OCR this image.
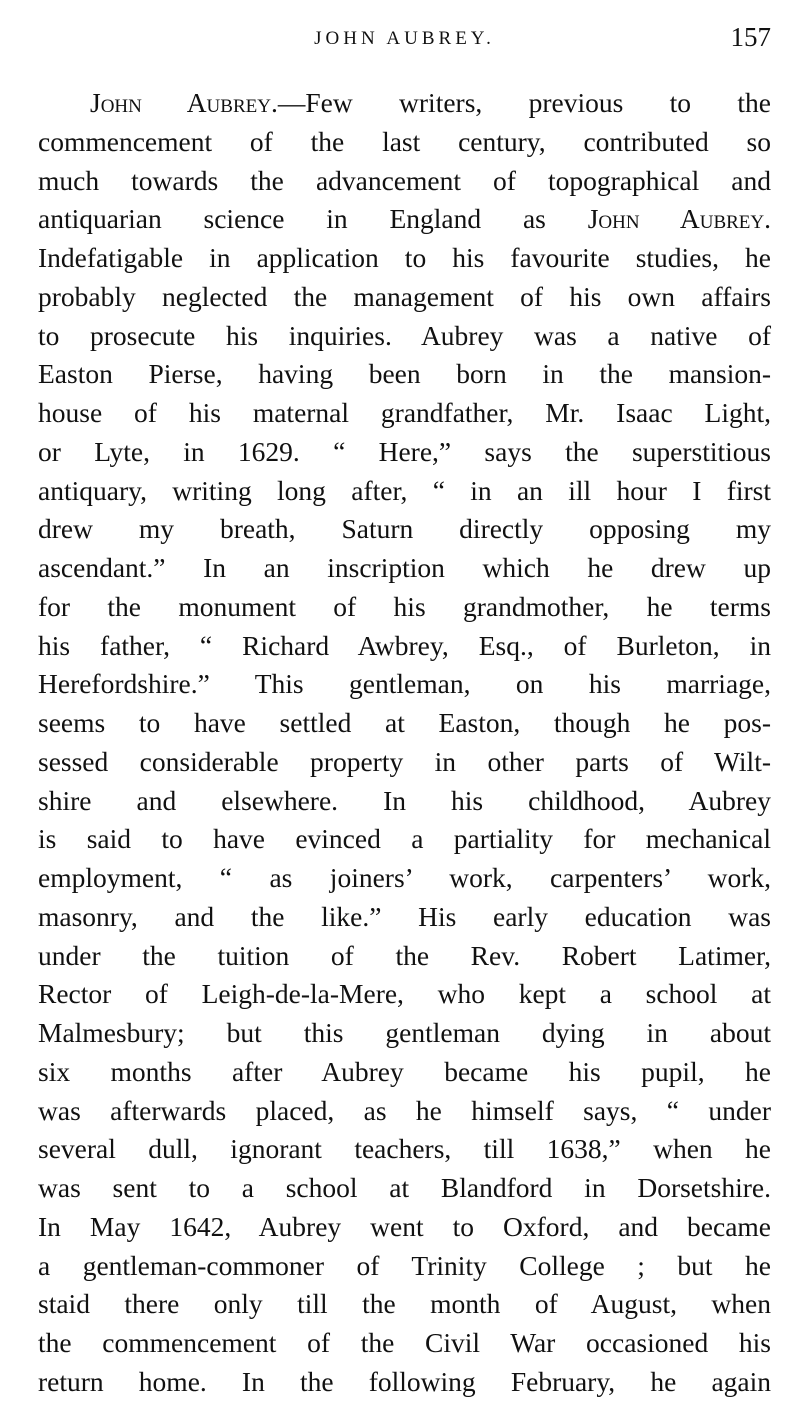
JOHN AUBREY.	157
John Aubrey.—Few writers, previous to the
commencement of the last century, contributed so
much towards the advancement of topographical and
antiquarian science in England as John Aubrey.
Indefatigable in application to his favourite studies, he
probably neglected the management of his own affairs
to prosecute his inquiries. Aubrey was a native of
Easton Pierse, having been born in the mansion-
house of his maternal grandfather, Mr. Isaac Light,
or Lyte, in 1629. “ Here,” says the superstitious
antiquary, writing long after, “ in an ill hour I first
drew my breath, Saturn directly opposing my
ascendant.” In an inscription which he drew up
for the monument of his grandmother, he terms
his father, “ Richard Awbrey, Esq., of Burleton, in
Herefordshire.” This gentleman, on his marriage,
seems to have settled at Easton, though he pos-
sessed considerable property in other parts of Wilt-
shire and elsewhere. In his childhood, Aubrey
is said to have evinced a partiality for mechanical
employment, “ as joiners’ work, carpenters’ work,
masonry, and the like.” His early education was
under the tuition of the Rev. Robert Latimer,
Rector of Leigh-de-la-Mere, who kept a school at
Malmesbury; but this gentleman dying in about
six months after Aubrey became his pupil, he
was afterwards placed, as he himself says, “ under
several dull, ignorant teachers, till 1638,” when he
was sent to a school at Blandford in Dorsetshire.
In May 1642, Aubrey went to Oxford, and became
a gentleman-commoner of Trinity College ; but he
staid there only till the month of August, when
the commencement of the Civil War occasioned his
return home. In the following February, he again
